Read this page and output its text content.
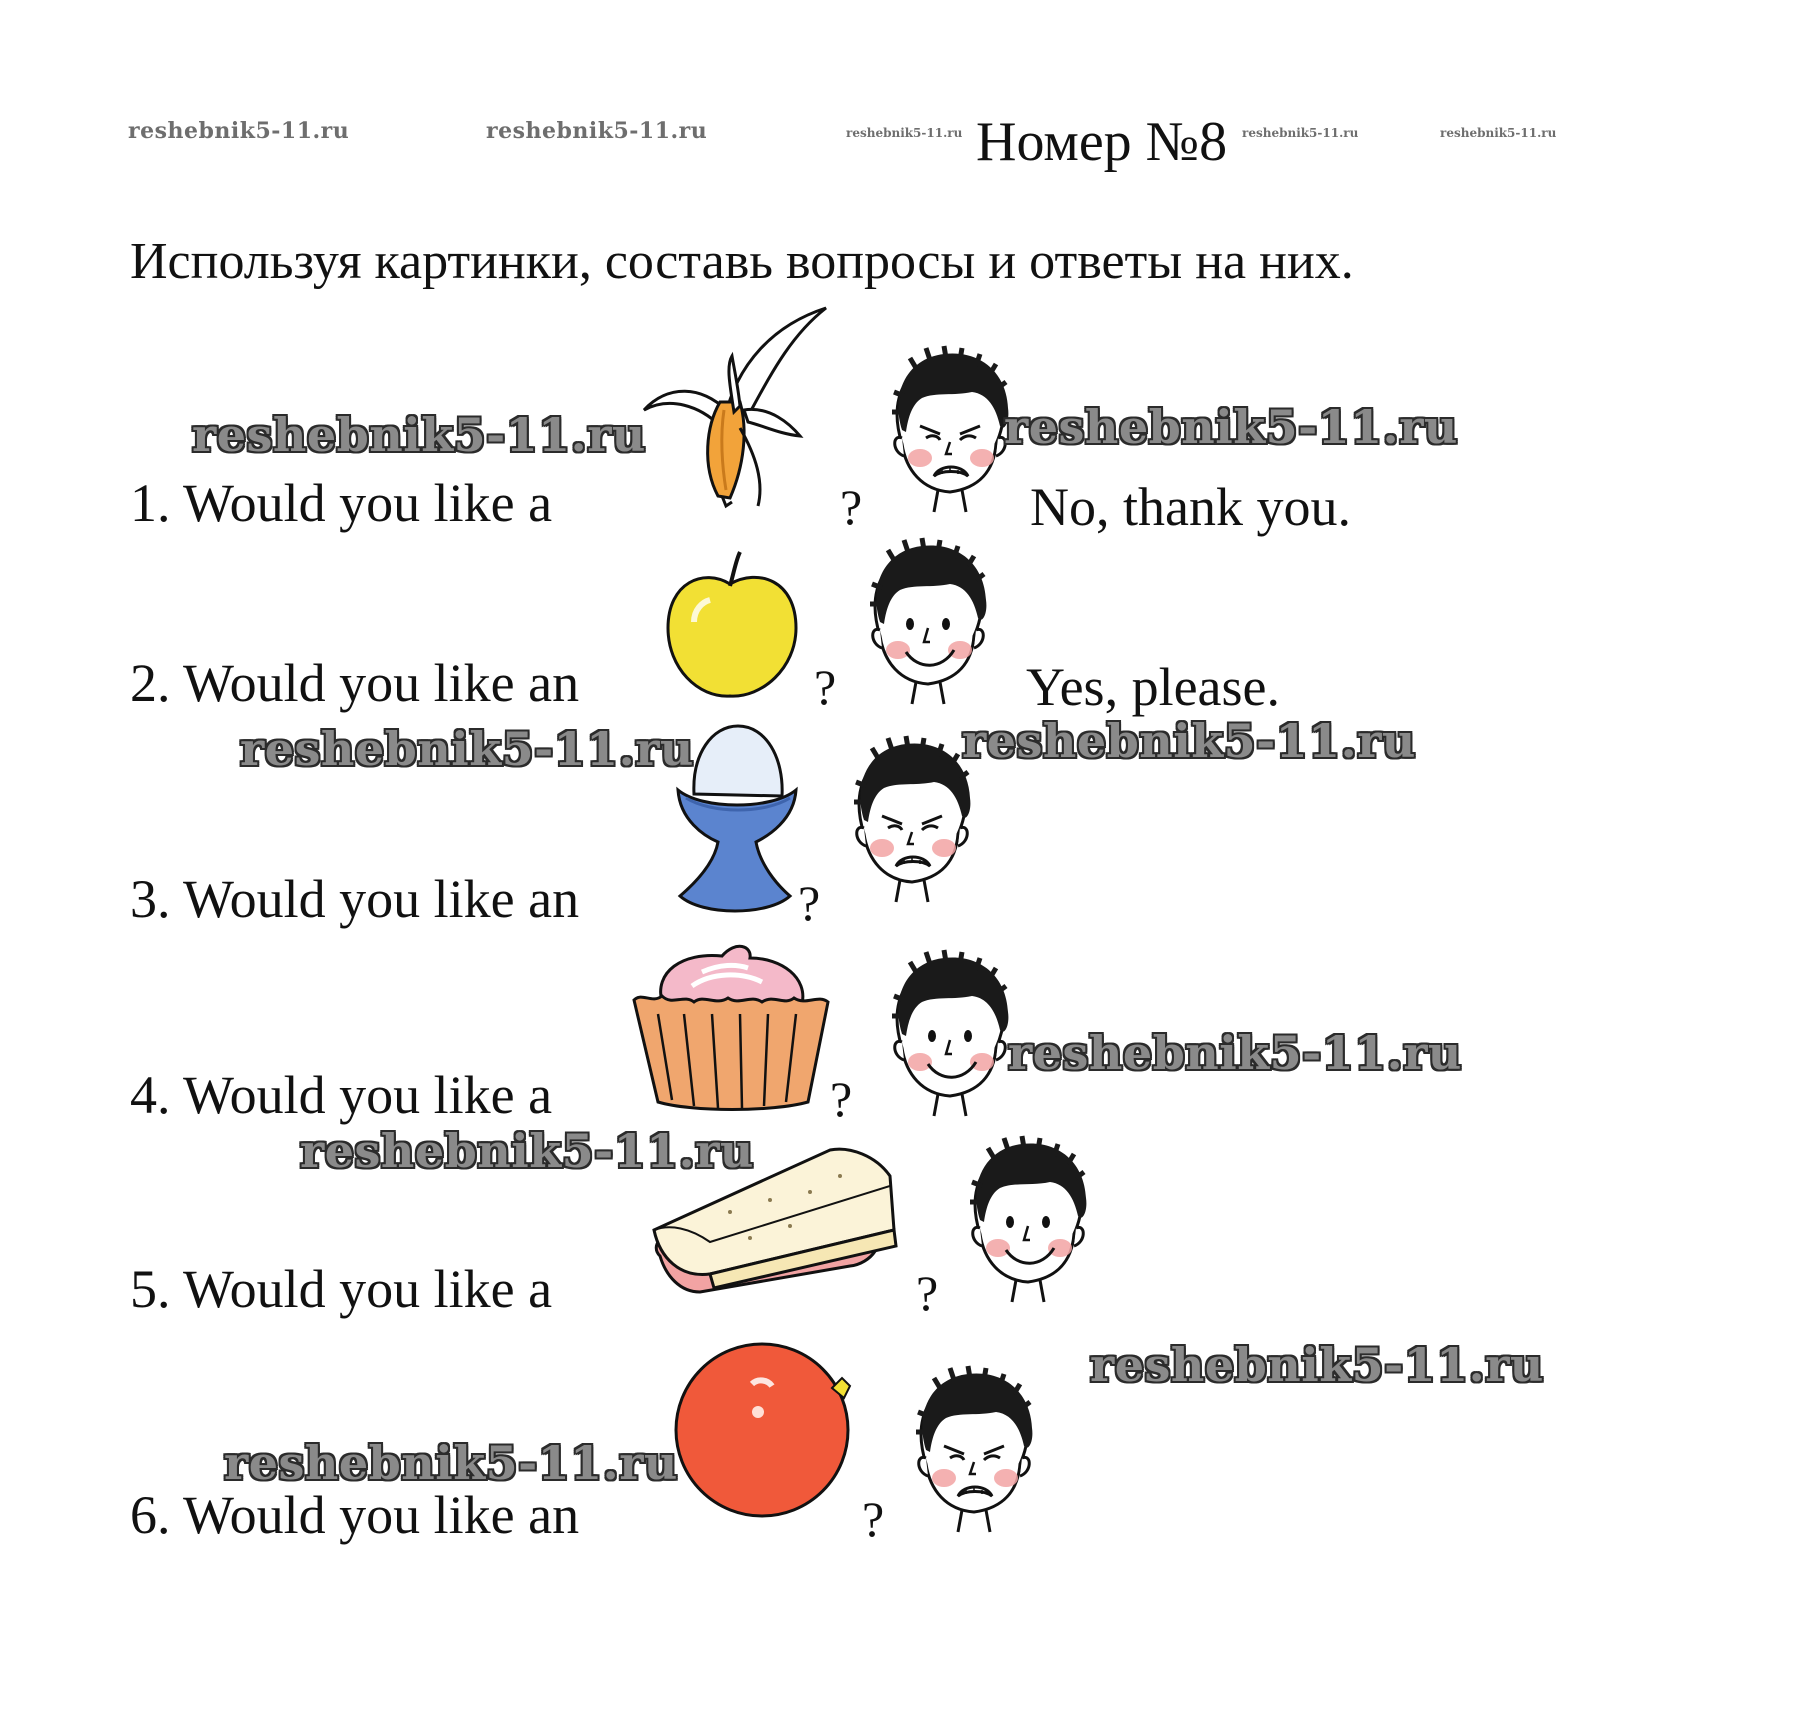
reshebnik5-11.ru	reshebnik5-11.ru	reshebnik5-11.ru Номер №8 reshebnik5-11.ru	reshebnik5-11.ru
Используя картинки, составь вопросы и ответы на них.
1. Would you like a	?	No, thank you.
2. Would you like an	?	Yes, please.
3. Would you like an	?
4. Would you like a	?
5. Would you like a	?
6. Would you like an	?
reshebnik5-11.ru	reshebnik5-11.ru
reshebnik5-11.ru	reshebnik5-11.ru
reshebnik5-11.ru
reshebnik5-11.ru
reshebnik5-11.ru
reshebnik5-11.ru
